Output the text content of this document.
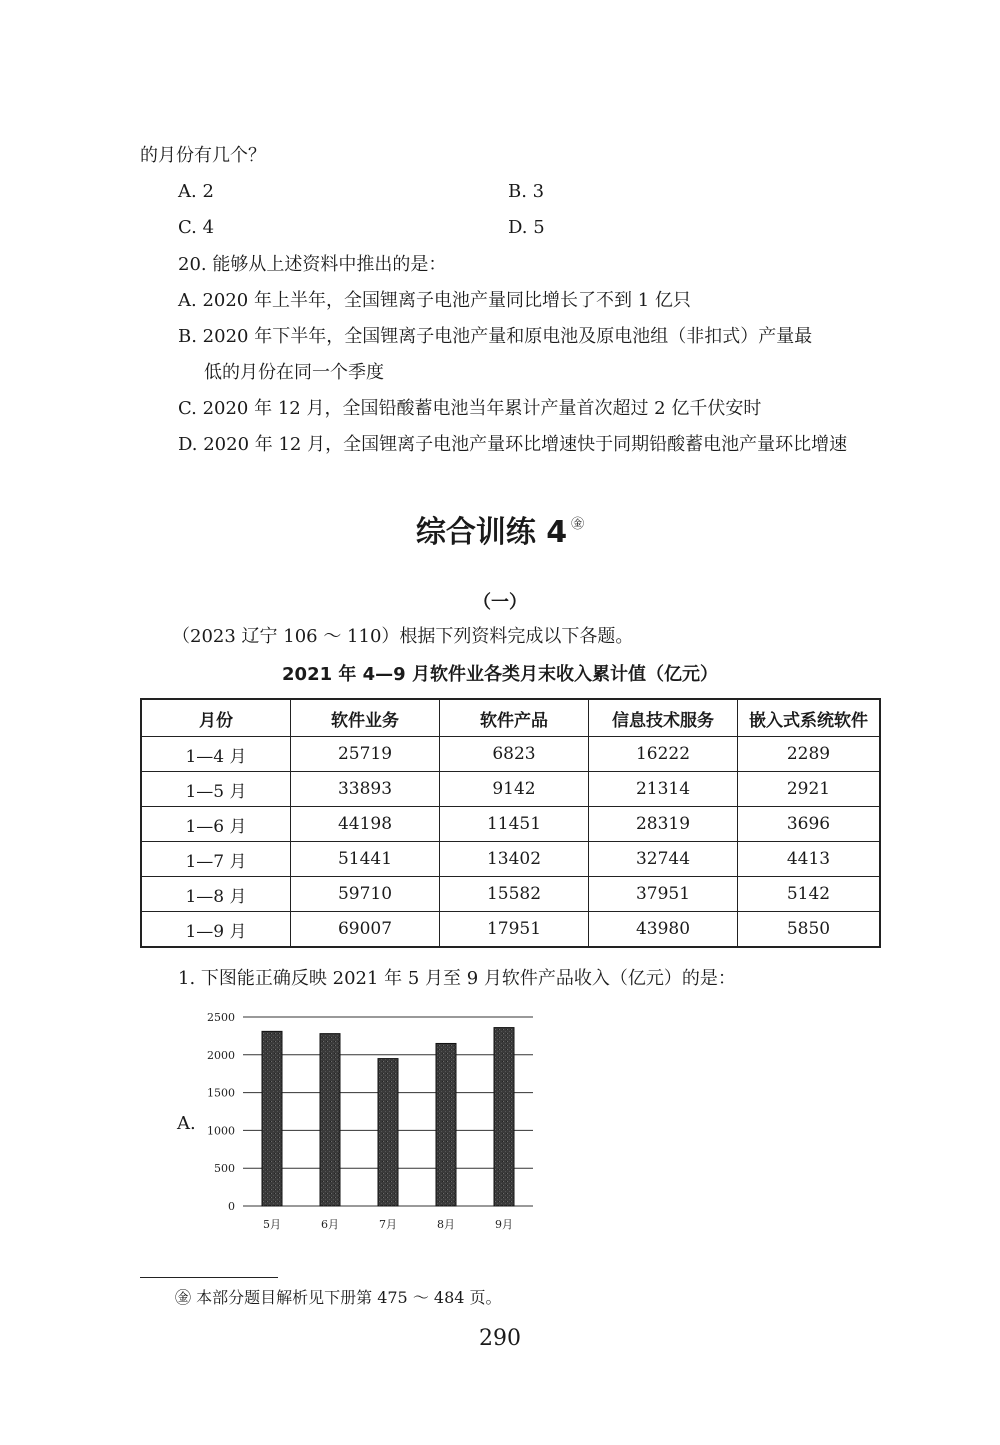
的月份有几个？
A. 2	B. 3
C. 4	D. 5
20. 能够从上述资料中推出的是：
A. 2020 年上半年，全国锂离子电池产量同比增长了不到 1 亿只
B. 2020 年下半年，全国锂离子电池产量和原电池及原电池组（非扣式）产量最
低的月份在同一个季度
C. 2020 年 12 月，全国铅酸蓄电池当年累计产量首次超过 2 亿千伏安时
D. 2020 年 12 月，全国锂离子电池产量环比增速快于同期铅酸蓄电池产量环比增速
综合训练 4 ㊎
（一）
（2023 辽宁 106 ～ 110）根据下列资料完成以下各题。
2021 年 4—9 月软件业各类月末收入累计值（亿元）
月份	软件业务	软件产品	信息技术服务	嵌入式系统软件
1—4 月	25719	6823	16222	2289
1—5 月	33893	9142	21314	2921
1—6 月	44198	11451	28319	3696
1—7 月	51441	13402	32744	4413
1—8 月	59710	15582	37951	5142
1—9 月	69007	17951	43980	5850
1. 下图能正确反映 2021 年 5 月至 9 月软件产品收入（亿元）的是：
A.
0
500
1000
1500
2000
2500
5月	6月	7月	8月	9月
㊎ 本部分题目解析见下册第 475 ～ 484 页。
290
